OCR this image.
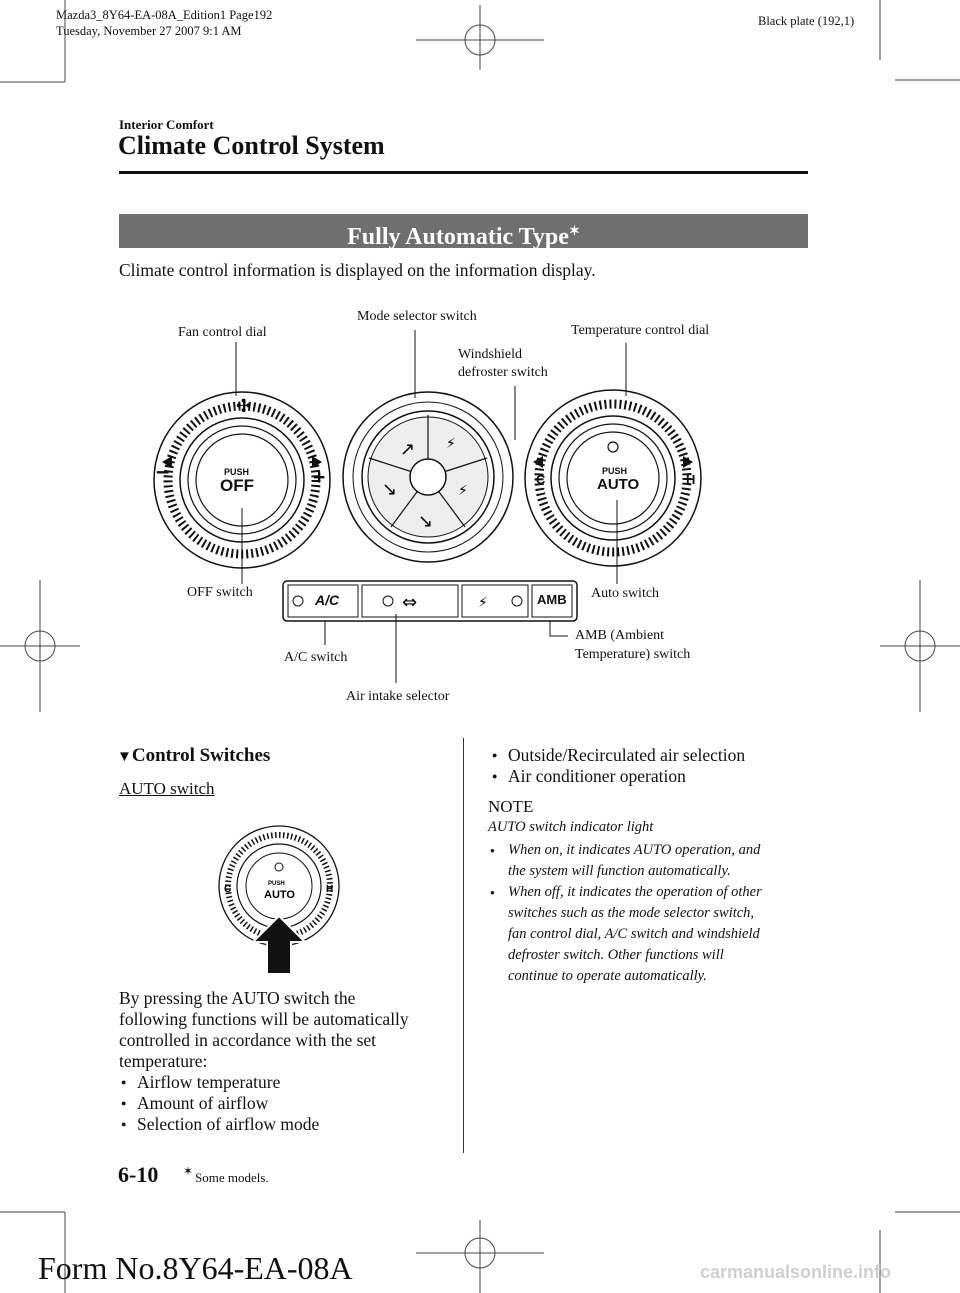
Mazda3_8Y64-EA-08A_Edition1 Page192
Tuesday, November 27 2007 9:1 AM
Black plate (192,1)
Interior Comfort
Climate Control System
Fully Automatic Type✶
Climate control information is displayed on the information display.
✣
↗ ⚡
↘	⚡
↘
⚡
⇔
PUSH
OFF
–	+	PUSH
AUTO
C	H
A/C	AMB
Fan control dial
Mode selector switch
Windshield
defroster switch
Temperature control dial
OFF switch	Auto switch
A/C switch
AMB (Ambient
Temperature) switch
Air intake selector
▼Control Switches
AUTO switch
PUSH
AUTO
C	H
By pressing the AUTO switch the
following functions will be automatically
controlled in accordance with the set
temperature:
● Airflow temperature
● Amount of airflow
● Selection of airflow mode
● Outside/Recirculated air selection
● Air conditioner operation
NOTE
AUTO switch indicator light
● When on, it indicates AUTO operation, and
the system will function automatically.
● When off, it indicates the operation of other
switches such as the mode selector switch,
fan control dial, A/C switch and windshield
defroster switch. Other functions will
continue to operate automatically.
6-10 ✶ Some models.
Form No.8Y64-EA-08A	carmanualsonline.info
